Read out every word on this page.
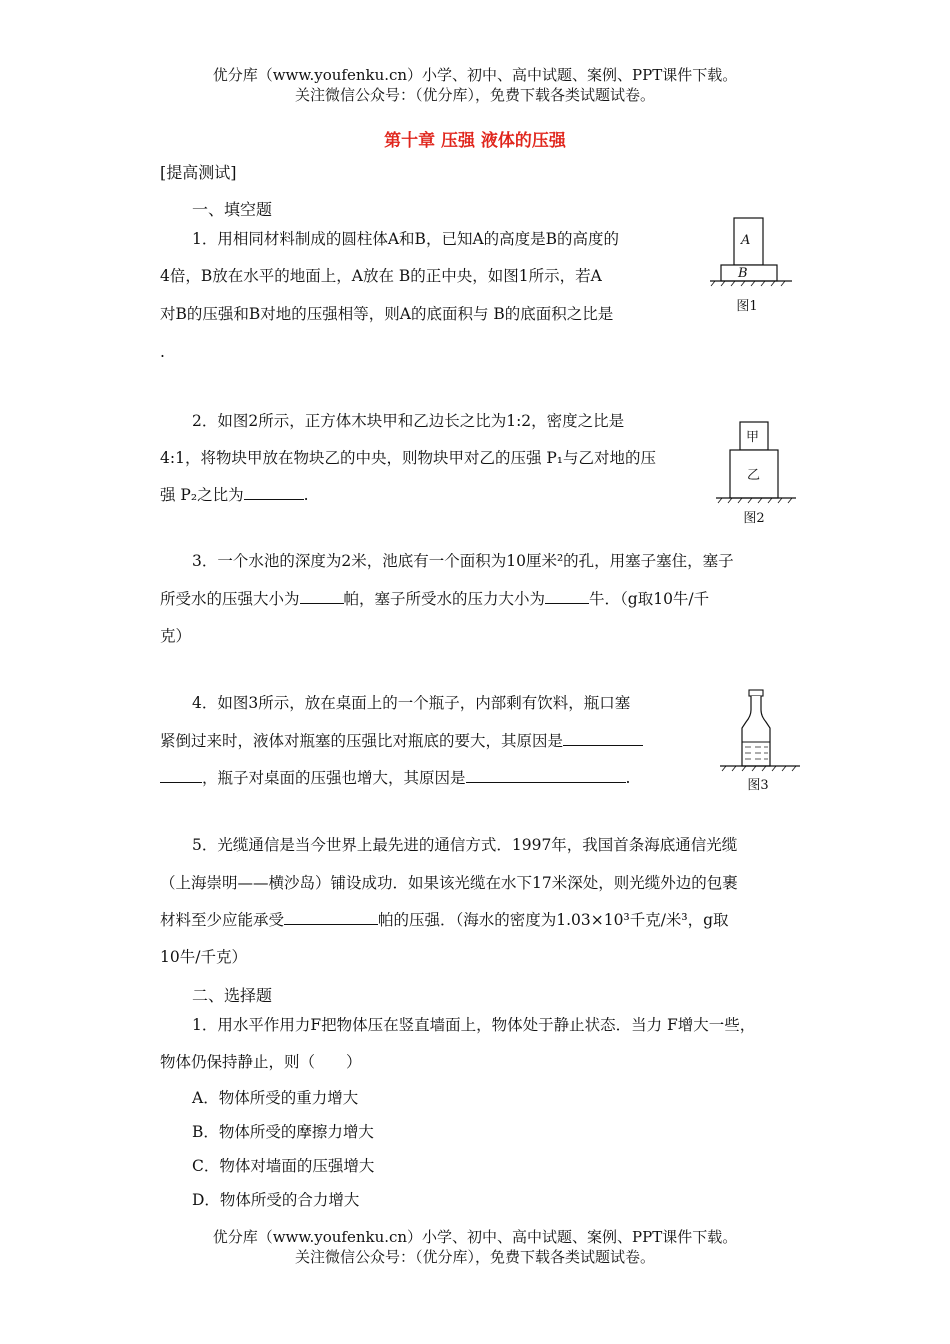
优分库（www.youfenku.cn）小学、初中、高中试题、案例、PPT课件下载。
关注微信公众号：（优分库），免费下载各类试题试卷。
第十章 压强 液体的压强
[提高测试]
一、填空题
1．用相同材料制成的圆柱体A和B，已知A的高度是B的高度的
4倍，B放在水平的地面上，A放在 B的正中央，如图1所示，若A
对B的压强和B对地的压强相等，则A的底面积与 B的底面积之比是
.
A
B
图1
2．如图2所示，正方体木块甲和乙边长之比为1:2，密度之比是
4:1，将物块甲放在物块乙的中央，则物块甲对乙的压强 P₁与乙对地的压
强 P₂之比为	.
甲
乙
图2
3．一个水池的深度为2米，池底有一个面积为10厘米²的孔，用塞子塞住，塞子
所受水的压强大小为	帕，塞子所受水的压力大小为	牛．（g取10牛/千
克）
4．如图3所示，放在桌面上的一个瓶子，内部剩有饮料，瓶口塞
紧倒过来时，液体对瓶塞的压强比对瓶底的要大，其原因是
，瓶子对桌面的压强也增大，其原因是	.	图3
5．光缆通信是当今世界上最先进的通信方式．1997年，我国首条海底通信光缆
（上海崇明——横沙岛）铺设成功．如果该光缆在水下17米深处，则光缆外边的包裹
材料至少应能承受	帕的压强．（海水的密度为1.03×10³千克/米³，g取
10牛/千克）
二、选择题
1．用水平作用力F把物体压在竖直墙面上，物体处于静止状态．当力 F增大一些，
物体仍保持静止，则（　　）
A．物体所受的重力增大
B．物体所受的摩擦力增大
C．物体对墙面的压强增大
D．物体所受的合力增大
优分库（www.youfenku.cn）小学、初中、高中试题、案例、PPT课件下载。
关注微信公众号：（优分库），免费下载各类试题试卷。
